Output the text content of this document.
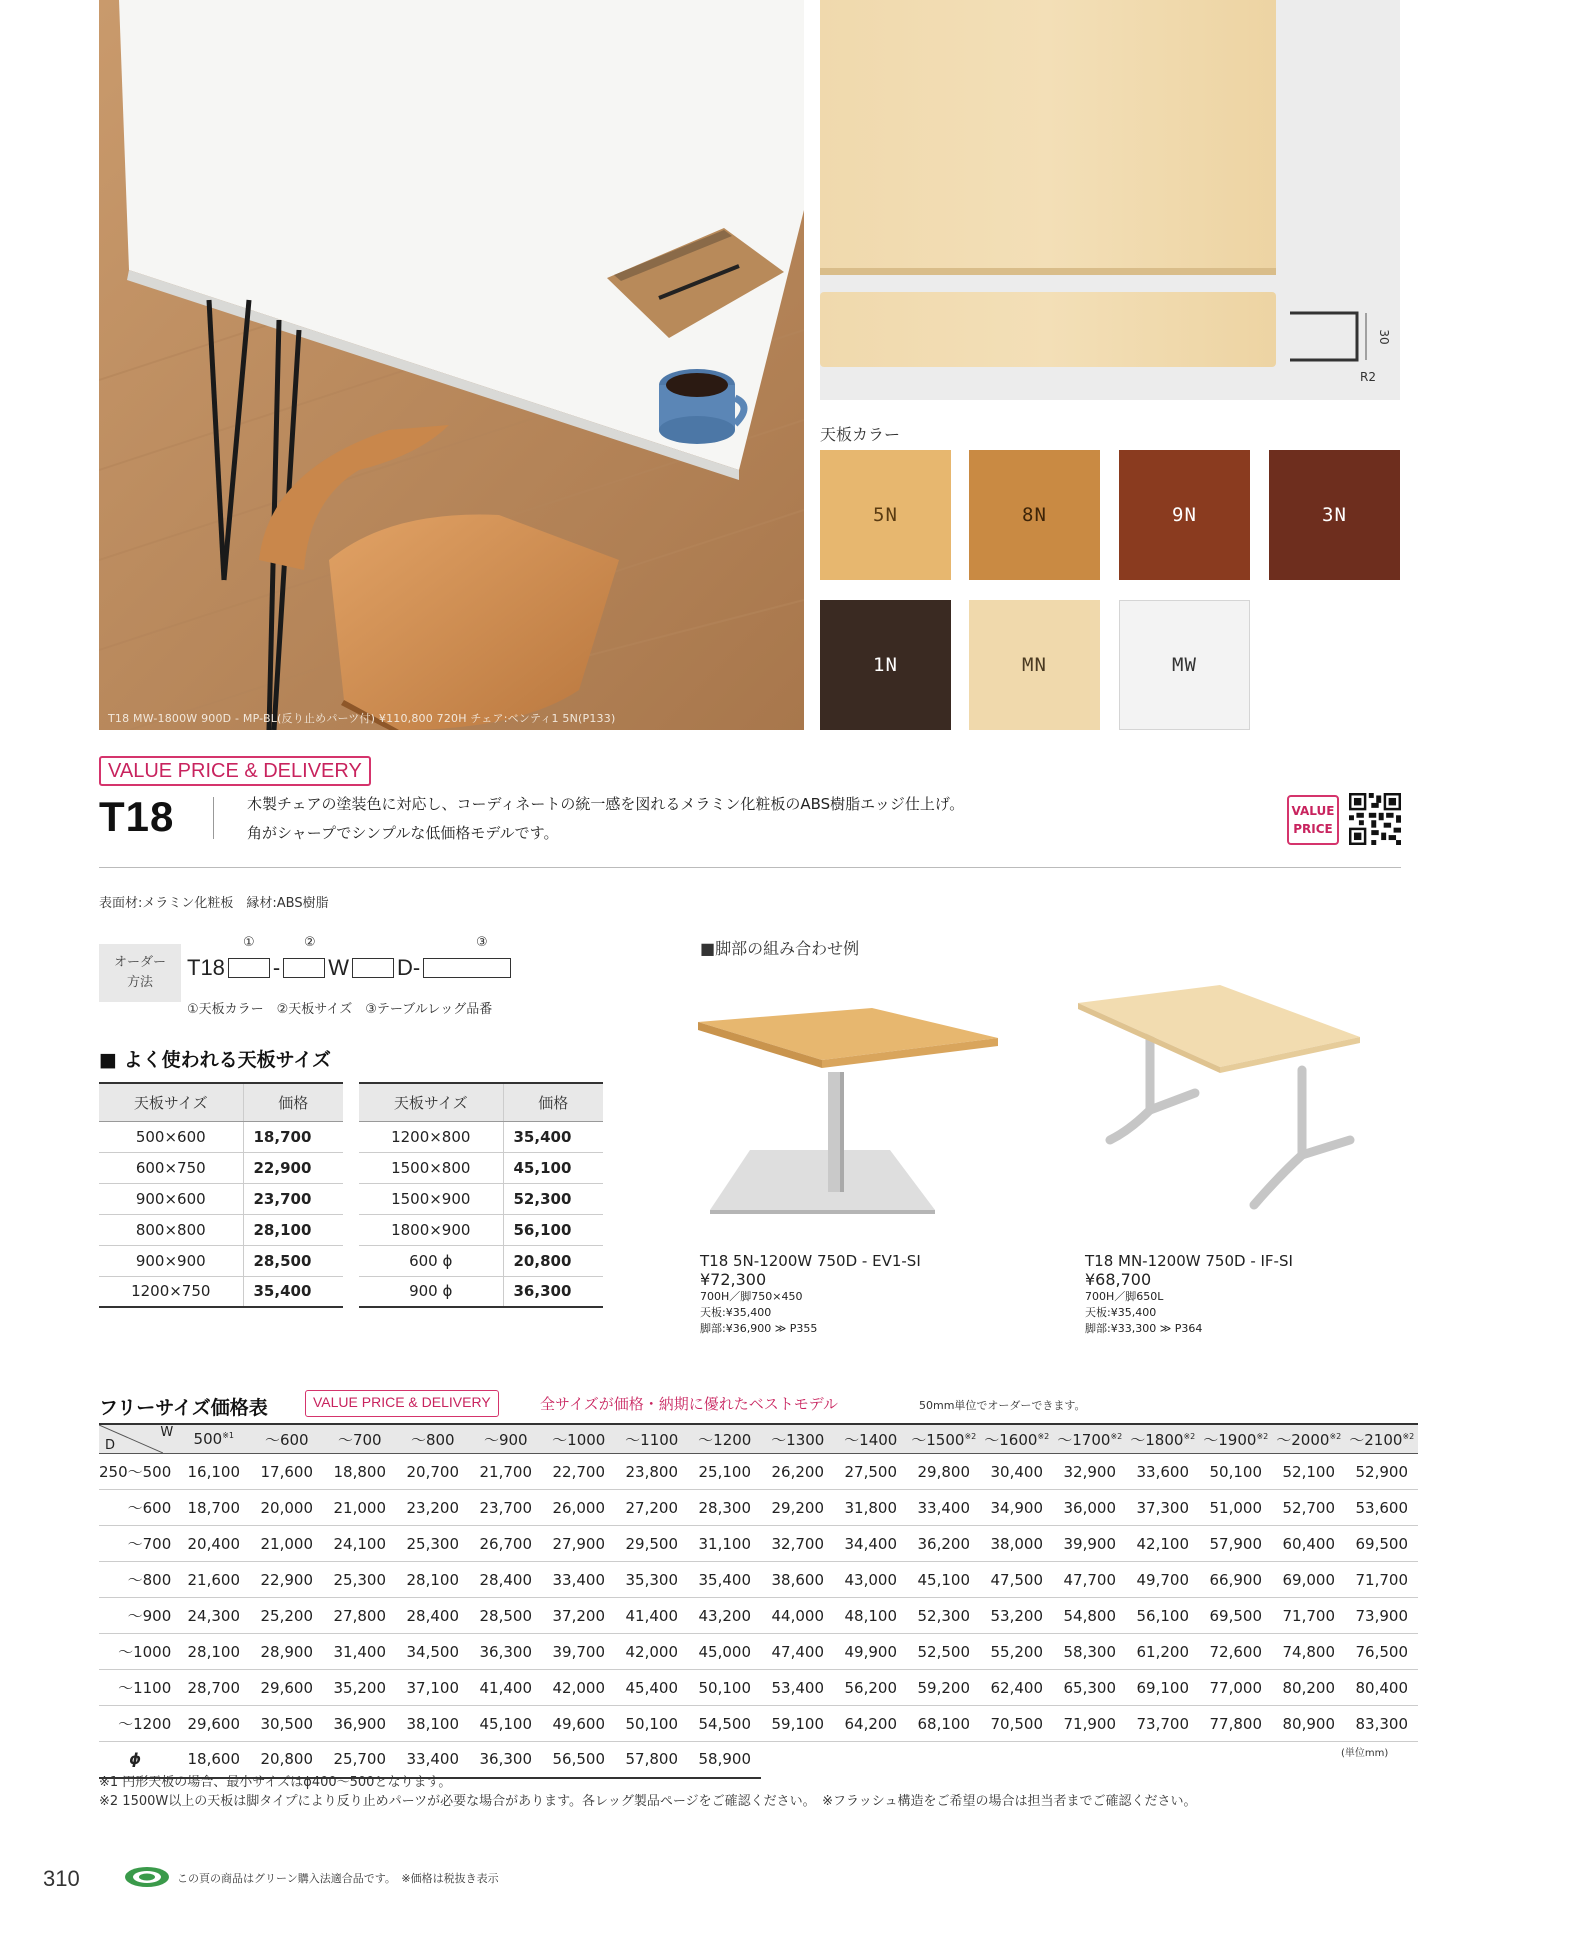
T18 MW-1800W 900D - MP-BL(反り止めパーツ付) ¥110,800 720H チェア:ベンティ1 5N(P133)
30
R2
天板カラー
5N	8N	9N	3N
1N	MN	MW
VALUE PRICE & DELIVERY
T18	木製チェアの塗装色に対応し、コーディネートの統一感を図れるメラミン化粧板のABS樹脂エッジ仕上げ。
角がシャープでシンプルな低価格モデルです。
VALUE
PRICE
表面材:メラミン化粧板　縁材:ABS樹脂
オーダー
方法
①	②	③
T18 - W D -
①天板カラー　②天板サイズ　③テーブルレッグ品番
■ よく使われる天板サイズ
天板サイズ	価格
500×600	18,700
600×750	22,900
900×600	23,700
800×800	28,100
900×900	28,500
1200×750	35,400
天板サイズ	価格
1200×800	35,400
1500×800	45,100
1500×900	52,300
1800×900	56,100
600 ϕ	20,800
900 ϕ	36,300
■脚部の組み合わせ例
T18 5N-1200W 750D - EV1-SI
¥72,300
700H／脚750×450
天板:¥35,400
脚部:¥36,900 ≫ P355
T18 MN-1200W 750D - IF-SI
¥68,700
700H／脚650L
天板:¥35,400
脚部:¥33,300 ≫ P364
フリーサイズ価格表	VALUE PRICE & DELIVERY	全サイズが価格・納期に優れたベストモデル	50mm単位でオーダーできます。
W
D	500$^{※1}$	～600	～700	～800	～900	～1000	～1100	～1200	～1300	～1400	～1500$^{※2}$	～1600$^{※2}$	～1700$^{※2}$	～1800$^{※2}$	～1900$^{※2}$	～2000$^{※2}$	～2100$^{※2}$
250～500	16,100	17,600	18,800	20,700	21,700	22,700	23,800	25,100	26,200	27,500	29,800	30,400	32,900	33,600	50,100	52,100	52,900
～600	18,700	20,000	21,000	23,200	23,700	26,000	27,200	28,300	29,200	31,800	33,400	34,900	36,000	37,300	51,000	52,700	53,600
～700	20,400	21,000	24,100	25,300	26,700	27,900	29,500	31,100	32,700	34,400	36,200	38,000	39,900	42,100	57,900	60,400	69,500
～800	21,600	22,900	25,300	28,100	28,400	33,400	35,300	35,400	38,600	43,000	45,100	47,500	47,700	49,700	66,900	69,000	71,700
～900	24,300	25,200	27,800	28,400	28,500	37,200	41,400	43,200	44,000	48,100	52,300	53,200	54,800	56,100	69,500	71,700	73,900
～1000	28,100	28,900	31,400	34,500	36,300	39,700	42,000	45,000	47,400	49,900	52,500	55,200	58,300	61,200	72,600	74,800	76,500
～1100	28,700	29,600	35,200	37,100	41,400	42,000	45,400	50,100	53,400	56,200	59,200	62,400	65,300	69,100	77,000	80,200	80,400
～1200	29,600	30,500	36,900	38,100	45,100	49,600	50,100	54,500	59,100	64,200	68,100	70,500	71,900	73,700	77,800	80,900	83,300
ϕ	18,600	20,800	25,700	33,400	36,300	56,500	57,800	58,900										(単位mm)
※1 円形天板の場合、最小サイズはϕ400～500となります。
※2 1500W以上の天板は脚タイプにより反り止めパーツが必要な場合があります。各レッグ製品ページをご確認ください。　※フラッシュ構造をご希望の場合は担当者までご確認ください。
310	この頁の商品はグリーン購入法適合品です。　※価格は税抜き表示
